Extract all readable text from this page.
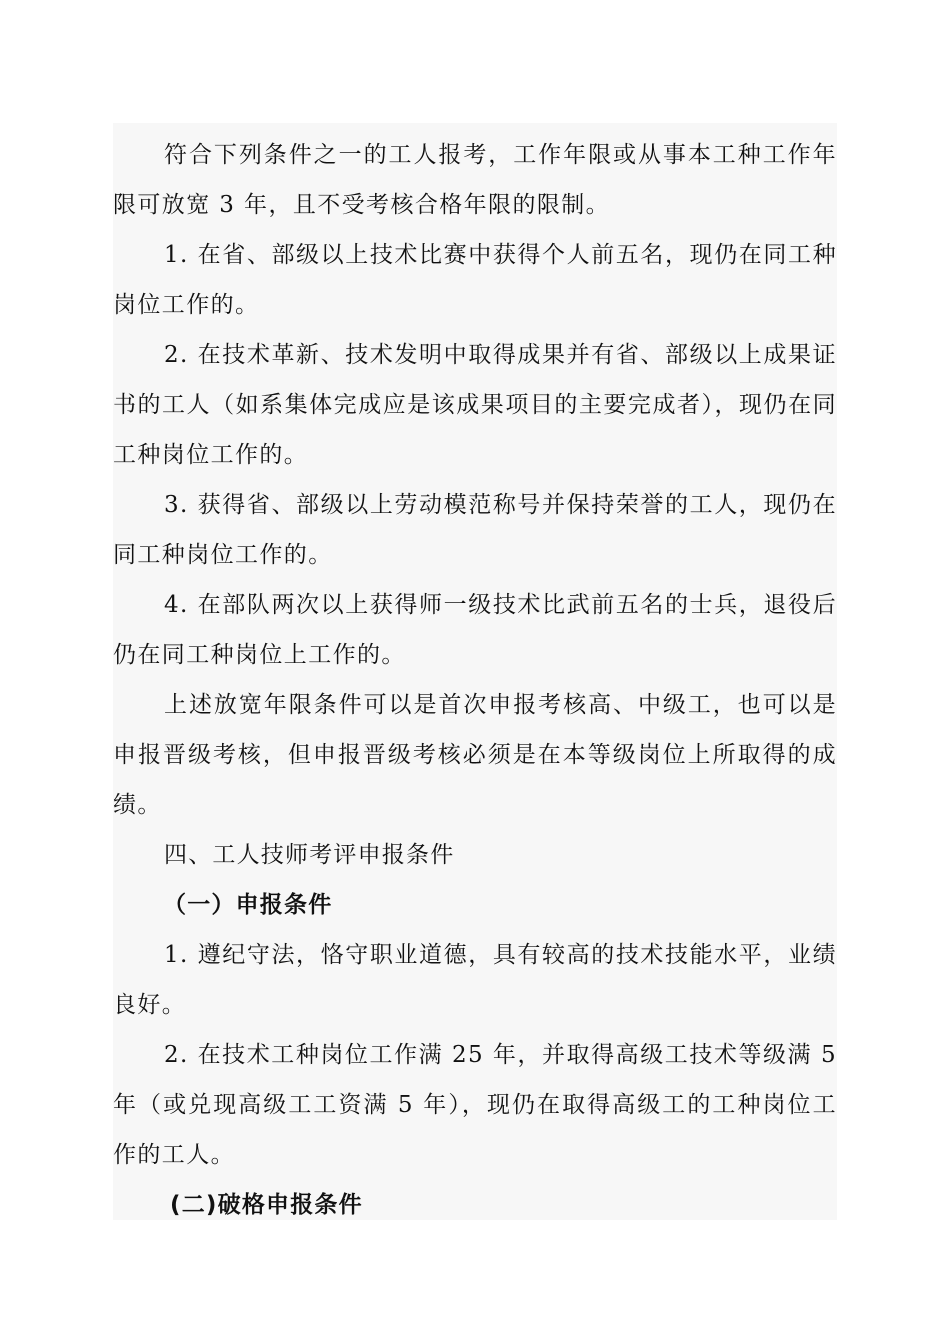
符合下列条件之一的工人报考，工作年限或从事本工种工作年限可放宽 3 年，且不受考核合格年限的限制。

1. 在省、部级以上技术比赛中获得个人前五名，现仍在同工种岗位工作的。

2. 在技术革新、技术发明中取得成果并有省、部级以上成果证书的工人（如系集体完成应是该成果项目的主要完成者），现仍在同工种岗位工作的。

3. 获得省、部级以上劳动模范称号并保持荣誉的工人，现仍在同工种岗位工作的。

4. 在部队两次以上获得师一级技术比武前五名的士兵，退役后仍在同工种岗位上工作的。

上述放宽年限条件可以是首次申报考核高、中级工，也可以是申报晋级考核，但申报晋级考核必须是在本等级岗位上所取得的成绩。

四、工人技师考评申报条件

（一）申报条件

1. 遵纪守法，恪守职业道德，具有较高的技术技能水平，业绩良好。

2. 在技术工种岗位工作满 25 年，并取得高级工技术等级满 5 年（或兑现高级工工资满 5 年），现仍在取得高级工的工种岗位工作的工人。

(二)破格申报条件
